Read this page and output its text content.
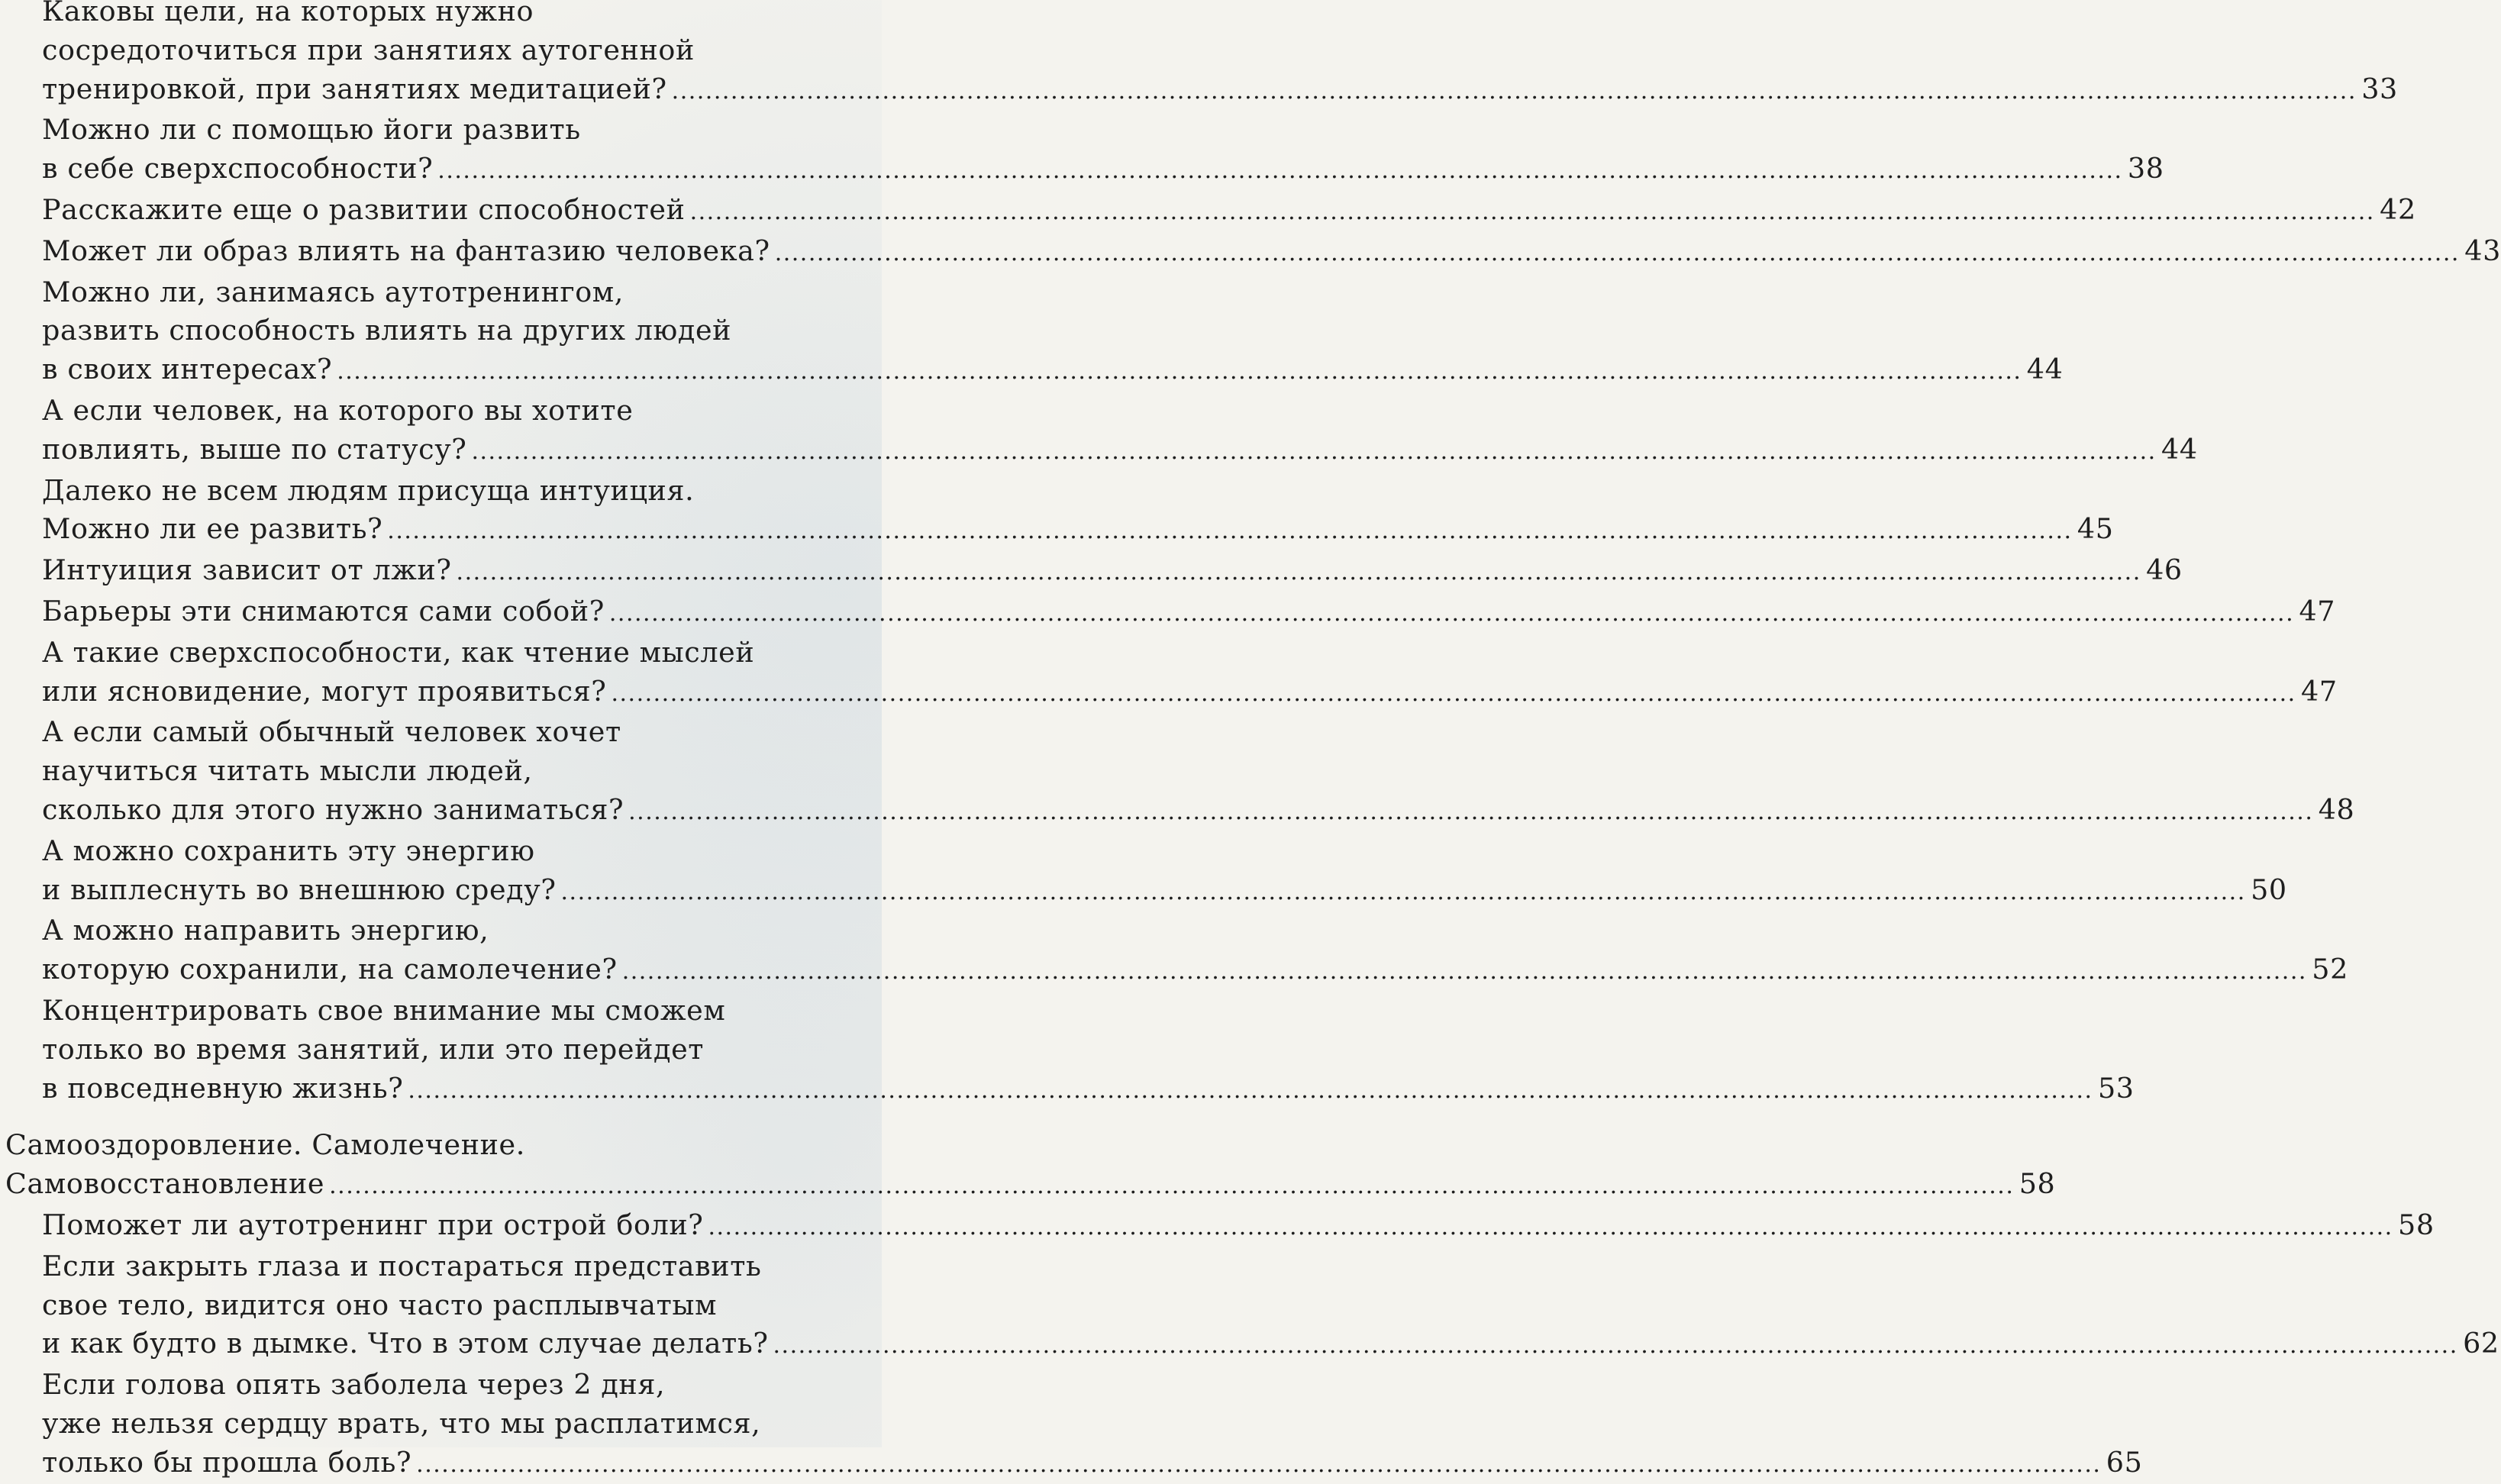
Каковы цели, на которых нужно
сосредоточиться при занятиях аутогенной
тренировкой, при занятиях медитацией? ........................................................................................................................................................................................................ 33
Можно ли с помощью йоги развить
в себе сверхспособности? ........................................................................................................................................................................................................ 38
Расскажите еще о развитии способностей ........................................................................................................................................................................................................ 42
Может ли образ влиять на фантазию человека? ........................................................................................................................................................................................................ 43
Можно ли, занимаясь аутотренингом,
развить способность влиять на других людей
в своих интересах? ........................................................................................................................................................................................................ 44
А если человек, на которого вы хотите
повлиять, выше по статусу? ........................................................................................................................................................................................................ 44
Далеко не всем людям присуща интуиция.
Можно ли ее развить? ........................................................................................................................................................................................................ 45
Интуиция зависит от лжи? ........................................................................................................................................................................................................ 46
Барьеры эти снимаются сами собой? ........................................................................................................................................................................................................ 47
А такие сверхспособности, как чтение мыслей
или ясновидение, могут проявиться? ........................................................................................................................................................................................................ 47
А если самый обычный человек хочет
научиться читать мысли людей,
сколько для этого нужно заниматься? ........................................................................................................................................................................................................ 48
А можно сохранить эту энергию
и выплеснуть во внешнюю среду? ........................................................................................................................................................................................................ 50
А можно направить энергию,
которую сохранили, на самолечение? ........................................................................................................................................................................................................ 52
Концентрировать свое внимание мы сможем
только во время занятий, или это перейдет
в повседневную жизнь? ........................................................................................................................................................................................................ 53
Самооздоровление. Самолечение.
Самовосстановление ........................................................................................................................................................................................................ 58
Поможет ли аутотренинг при острой боли? ........................................................................................................................................................................................................ 58
Если закрыть глаза и постараться представить
свое тело, видится оно часто расплывчатым
и как будто в дымке. Что в этом случае делать? ........................................................................................................................................................................................................ 62
Если голова опять заболела через 2 дня,
уже нельзя сердцу врать, что мы расплатимся,
только бы прошла боль? ........................................................................................................................................................................................................ 65
